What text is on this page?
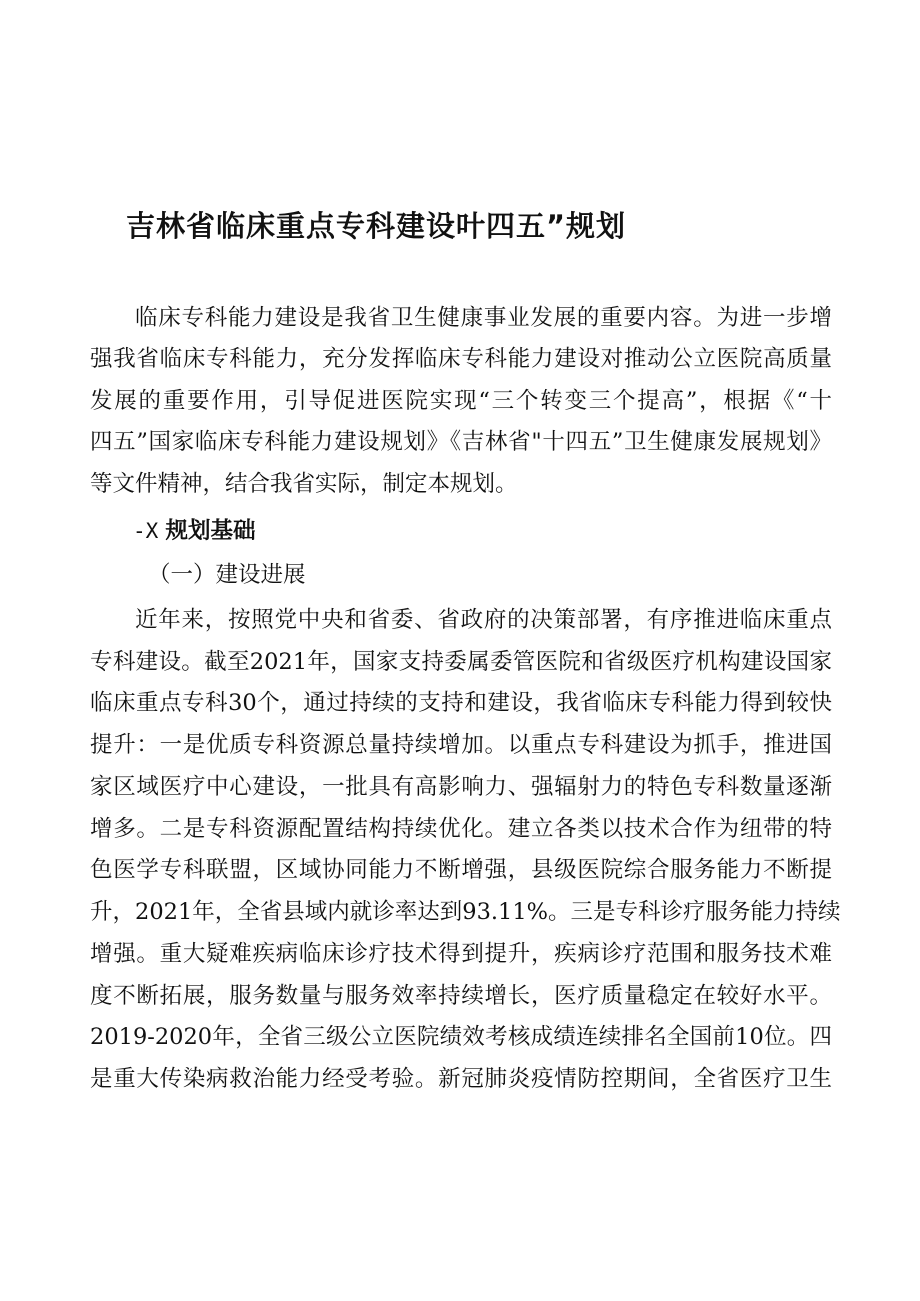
吉林省临床重点专科建设叶四五”规划
临床专科能力建设是我省卫生健康事业发展的重要内容。为进一步增
强我省临床专科能力，充分发挥临床专科能力建设对推动公立医院高质量
发展的重要作用，引导促进医院实现“三个转变三个提高”，根据《“十
四五”国家临床专科能力建设规划》《吉林省"十四五”卫生健康发展规划》
等文件精神，结合我省实际，制定本规划。
-X 规划基础
（一）建设进展
近年来，按照党中央和省委、省政府的决策部署，有序推进临床重点
专科建设。截至2021年，国家支持委属委管医院和省级医疗机构建设国家
临床重点专科30个，通过持续的支持和建设，我省临床专科能力得到较快
提升：一是优质专科资源总量持续增加。以重点专科建设为抓手，推进国
家区域医疗中心建设，一批具有高影响力、强辐射力的特色专科数量逐渐
增多。二是专科资源配置结构持续优化。建立各类以技术合作为纽带的特
色医学专科联盟，区域协同能力不断增强，县级医院综合服务能力不断提
升，2021年，全省县域内就诊率达到93.11%。三是专科诊疗服务能力持续
增强。重大疑难疾病临床诊疗技术得到提升，疾病诊疗范围和服务技术难
度不断拓展，服务数量与服务效率持续增长，医疗质量稳定在较好水平。
2019-2020年，全省三级公立医院绩效考核成绩连续排名全国前10位。四
是重大传染病救治能力经受考验。新冠肺炎疫情防控期间，全省医疗卫生
